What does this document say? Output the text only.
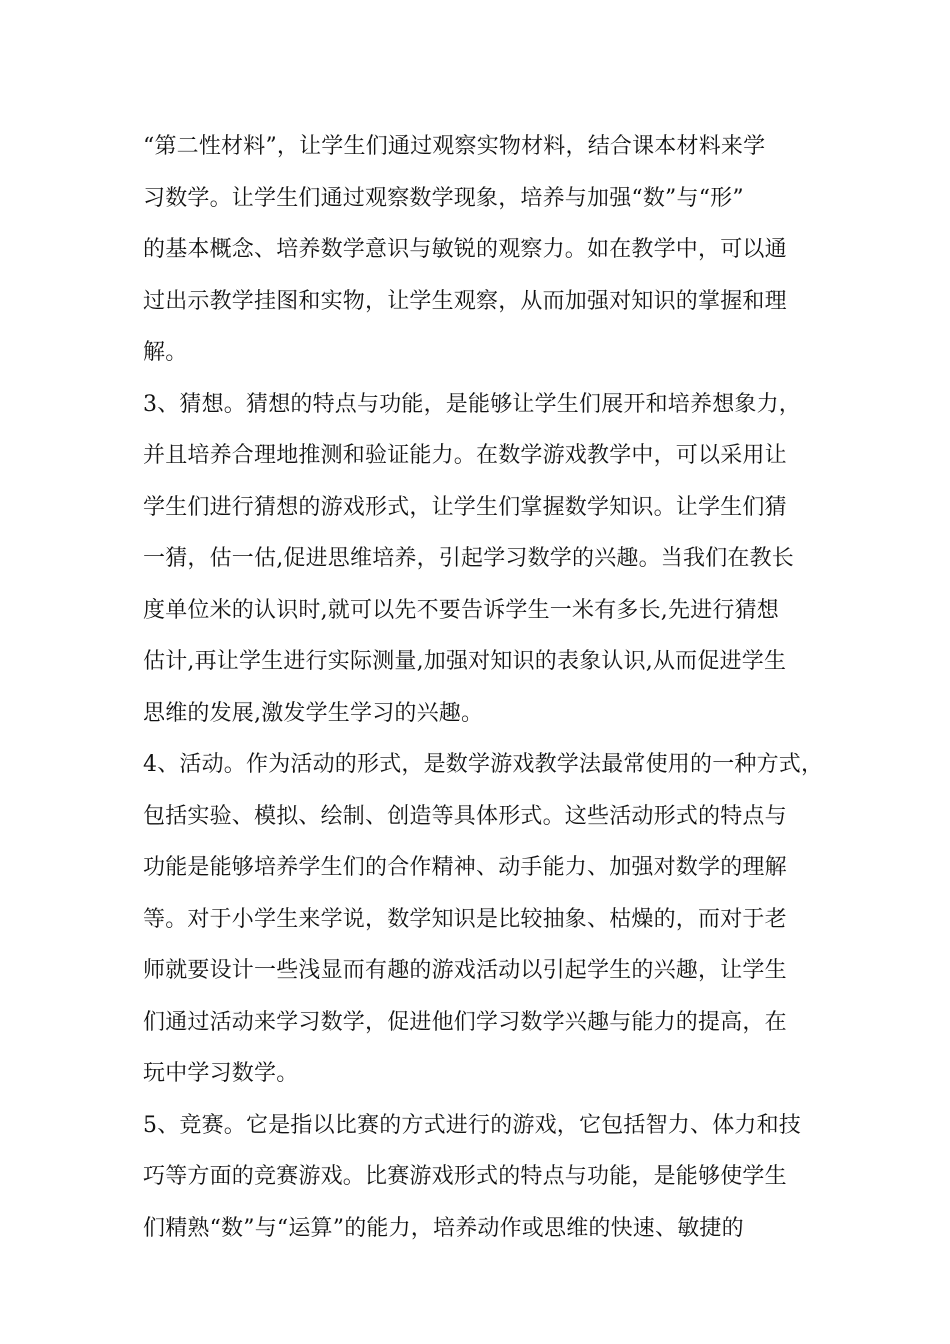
“第二性材料”，让学生们通过观察实物材料，结合课本材料来学
习数学。让学生们通过观察数学现象，培养与加强“数”与“形”
的基本概念、培养数学意识与敏锐的观察力。如在教学中，可以通
过出示教学挂图和实物，让学生观察，从而加强对知识的掌握和理
解。
3、猜想。猜想的特点与功能，是能够让学生们展开和培养想象力，
并且培养合理地推测和验证能力。在数学游戏教学中，可以采用让
学生们进行猜想的游戏形式，让学生们掌握数学知识。让学生们猜
一猜，估一估,促进思维培养，引起学习数学的兴趣。当我们在教长
度单位米的认识时,就可以先不要告诉学生一米有多长,先进行猜想
估计,再让学生进行实际测量,加强对知识的表象认识,从而促进学生
思维的发展,激发学生学习的兴趣。
4、活动。作为活动的形式，是数学游戏教学法最常使用的一种方式，
包括实验、模拟、绘制、创造等具体形式。这些活动形式的特点与
功能是能够培养学生们的合作精神、动手能力、加强对数学的理解
等。对于小学生来学说，数学知识是比较抽象、枯燥的，而对于老
师就要设计一些浅显而有趣的游戏活动以引起学生的兴趣，让学生
们通过活动来学习数学，促进他们学习数学兴趣与能力的提高，在
玩中学习数学。
5、竞赛。它是指以比赛的方式进行的游戏，它包括智力、体力和技
巧等方面的竞赛游戏。比赛游戏形式的特点与功能，是能够使学生
们精熟“数”与“运算”的能力，培养动作或思维的快速、敏捷的
